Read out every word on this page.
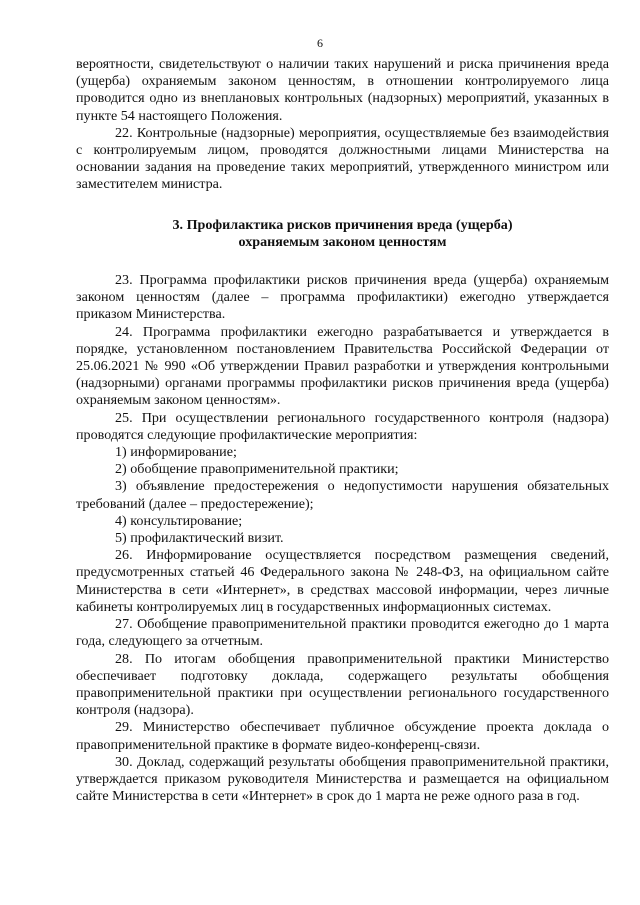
6

вероятности, свидетельствуют о наличии таких нарушений и риска причинения вреда (ущерба) охраняемым законом ценностям, в отношении контролируемого лица проводится одно из внеплановых контрольных (надзорных) мероприятий, указанных в пункте 54 настоящего Положения.

22. Контрольные (надзорные) мероприятия, осуществляемые без взаимодействия с контролируемым лицом, проводятся должностными лицами Министерства на основании задания на проведение таких мероприятий, утвержденного министром или заместителем министра.

3. Профилактика рисков причинения вреда (ущерба)
охраняемым законом ценностям

23. Программа профилактики рисков причинения вреда (ущерба) охраняемым законом ценностям (далее – программа профилактики) ежегодно утверждается приказом Министерства.

24. Программа профилактики ежегодно разрабатывается и утверждается в порядке, установленном постановлением Правительства Российской Федерации от 25.06.2021 № 990 «Об утверждении Правил разработки и утверждения контрольными (надзорными) органами программы профилактики рисков причинения вреда (ущерба) охраняемым законом ценностям».

25. При осуществлении регионального государственного контроля (надзора) проводятся следующие профилактические мероприятия:

1) информирование;

2) обобщение правоприменительной практики;

3) объявление предостережения о недопустимости нарушения обязательных требований (далее – предостережение);

4) консультирование;

5) профилактический визит.

26. Информирование осуществляется посредством размещения сведений, предусмотренных статьей 46 Федерального закона № 248-ФЗ, на официальном сайте Министерства в сети «Интернет», в средствах массовой информации, через личные кабинеты контролируемых лиц в государственных информационных системах.

27. Обобщение правоприменительной практики проводится ежегодно до 1 марта года, следующего за отчетным.

28. По итогам обобщения правоприменительной практики Министерство обеспечивает подготовку доклада, содержащего результаты обобщения правоприменительной практики при осуществлении регионального государственного контроля (надзора).

29. Министерство обеспечивает публичное обсуждение проекта доклада о правоприменительной практике в формате видео-конференц-связи.

30. Доклад, содержащий результаты обобщения правоприменительной практики, утверждается приказом руководителя Министерства и размещается на официальном сайте Министерства в сети «Интернет» в срок до 1 марта не реже одного раза в год.
